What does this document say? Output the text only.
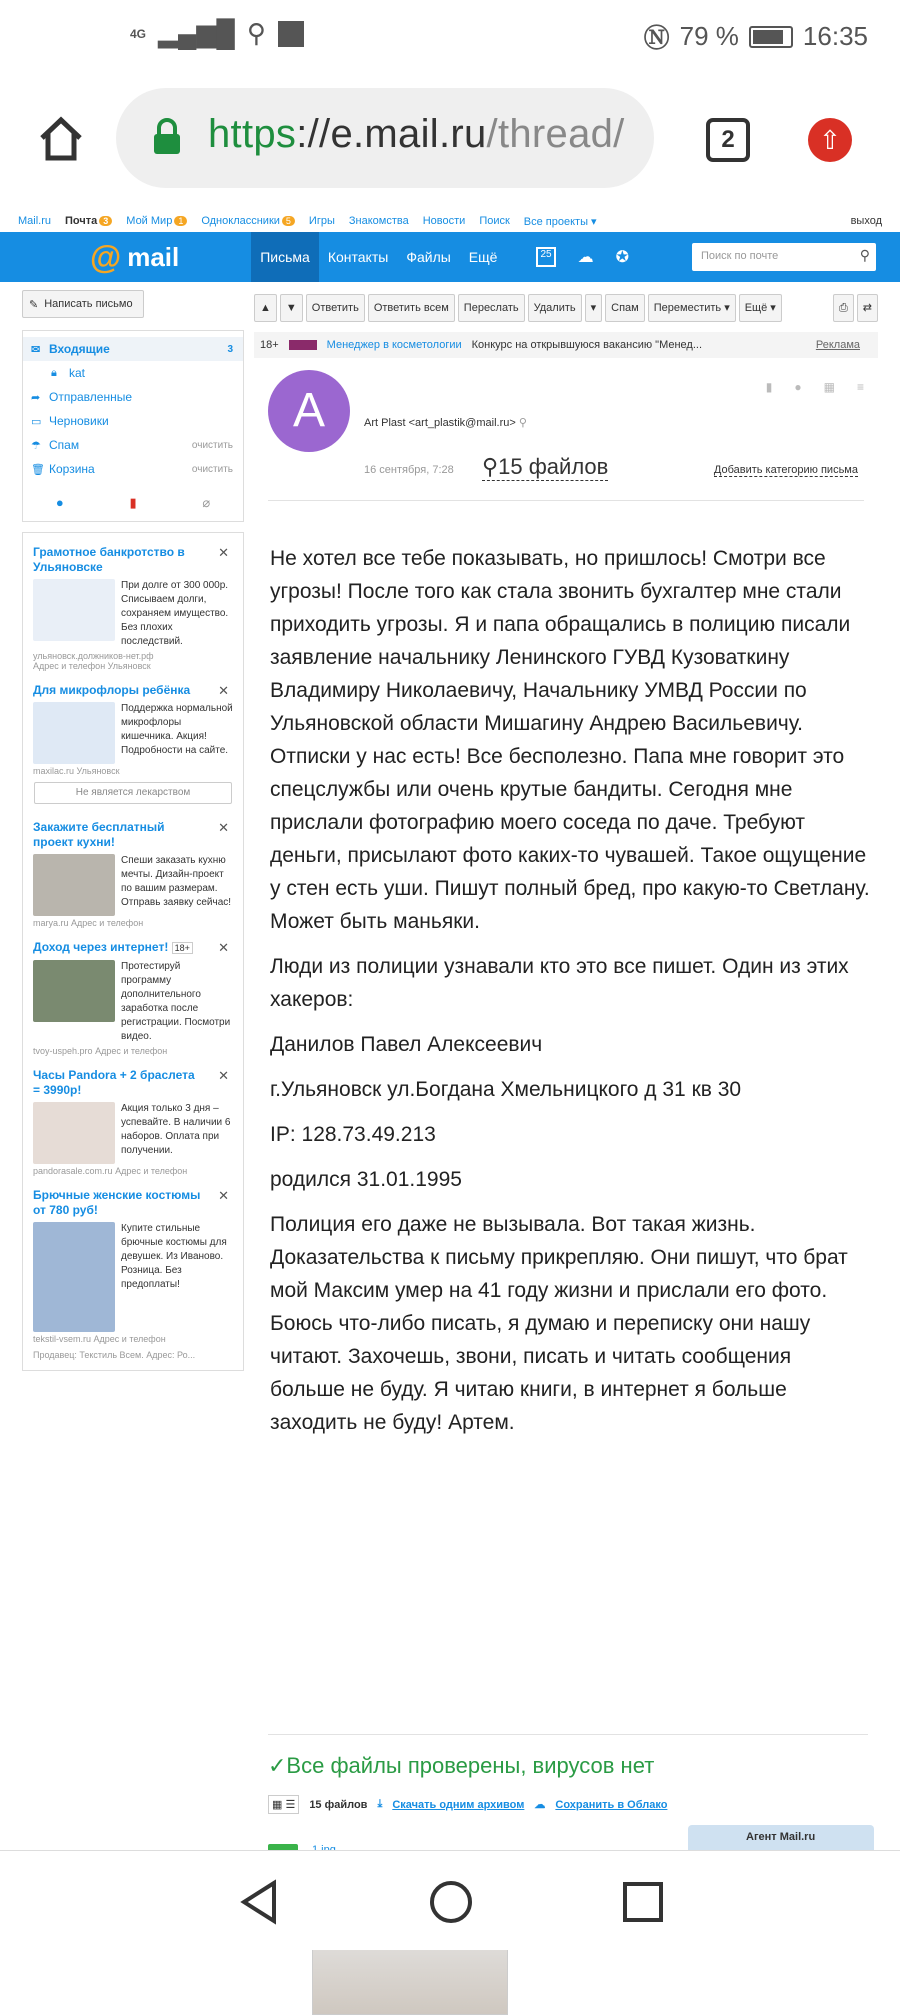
4G ▂▄▆█ ⚲	Ⓝ 79 % 16:35
https://e.mail.ru/thread/	2	⇧
Mail.ru Почта 3	Мой Мир 1	Одноклассники 5	Игры Знакомства Новости Поиск Все проекты ▾	выход
@ mail	Письма	Контакты	Файлы	Ещё	25 ☁ ✪	Поиск по почте	⚲
✎ Написать письмо
✉ Входящие	3
🔒︎	kat
➦ Отправленные
▭ Черновики
☂ Спам	очистить
🗑︎ Корзина	очистить
●	▮	⌀
Грамотное банкротство в Ульяновске
✕
При долге от 300 000р. Списываем долги, сохраняем имущество. Без плохих последствий.
ульяновск.должников-нет.рф
Адрес и телефон Ульяновск
Для микрофлоры ребёнка	✕
Поддержка нормальной микрофлоры кишечника. Акция! Подробности на сайте.
maxilac.ru Ульяновск
Не является лекарством
Закажите бесплатный проект кухни!
✕
Спеши заказать кухню мечты. Дизайн-проект по вашим размерам. Отправь заявку сейчас!
marya.ru Адрес и телефон
Доход через интернет! 18+	✕
Протестируй программу дополнительного заработка после регистрации. Посмотри видео.
tvoy-uspeh.pro Адрес и телефон
Часы Pandora + 2 браслета = 3990р!
✕
Акция только 3 дня – успевайте. В наличии 6 наборов. Оплата при получении.
pandorasale.com.ru Адрес и телефон
Брючные женские костюмы от 780 руб!
✕
Купите стильные брючные костюмы для девушек. Из Иваново. Розница. Без предоплаты!
tekstil-vsem.ru Адрес и телефон
Продавец: Текстиль Всем. Адрес: Ро...
▲	▼	Ответить	Ответить всем	Переслать	Удалить	▾	Спам	Переместить ▾	Ещё ▾	⎙	⇄
18+	Менеджер в косметологии Конкурс на открывшуюся вакансию "Менед...	Реклама
A	Art Plast <art_plastik@mail.ru> ⚲
16 сентября, 7:28 ⚲15 файлов	Добавить категорию письма
▮ ● ▦ ≡

Не хотел все тебе показывать, но пришлось! Смотри все угрозы! После того как стала звонить бухгалтер мне стали приходить угрозы. Я и папа обращались в полицию писали заявление начальнику Ленинского ГУВД Кузоваткину Владимиру Николаевичу, Начальнику УМВД России по Ульяновской области Мишагину Андрею Васильевичу. Отписки у нас есть! Все бесполезно. Папа мне говорит это спецслужбы или очень крутые бандиты. Сегодня мне прислали фотографию моего соседа по даче. Требуют деньги, присылают фото каких-то чувашей. Такое ощущение у стен есть уши. Пишут полный бред, про какую-то Светлану. Может быть маньяки.

Люди из полиции узнавали кто это все пишет. Один из этих хакеров:

Данилов Павел Алексеевич

г.Ульяновск ул.Богдана Хмельницкого д 31 кв 30

IP: 128.73.49.213

родился 31.01.1995

Полиция его даже не вызывала. Вот такая жизнь. Доказательства к письму прикрепляю. Они пишут, что брат мой Максим умер на 41 году жизни и прислали его фото. Боюсь что-либо писать, я думаю и переписку они нашу читают. Захочешь, звони, писать и читать сообщения больше не буду. Я читаю книги, в интернет я больше заходить не буду! Артем.

✓Все файлы проверены, вирусов нет
▦ ☰	15 файлов ⤓ Скачать одним архивом ☁ Сохранить в Облако
Агент Mail.ru
